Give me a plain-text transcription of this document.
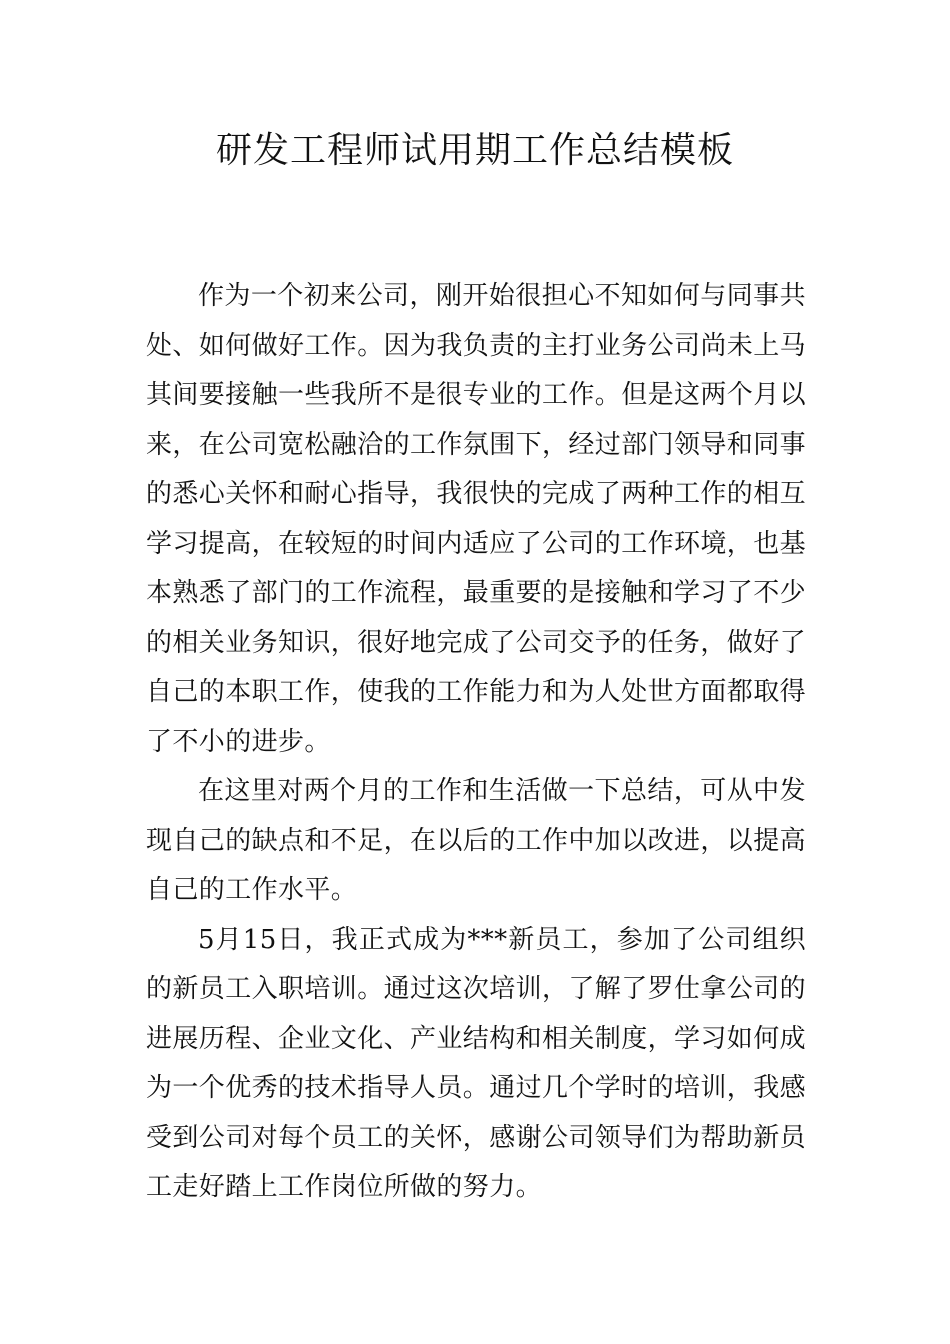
研发工程师试用期工作总结模板

作为一个初来公司，刚开始很担心不知如何与同事共处、如何做好工作。因为我负责的主打业务公司尚未上马其间要接触一些我所不是很专业的工作。但是这两个月以来，在公司宽松融洽的工作氛围下，经过部门领导和同事的悉心关怀和耐心指导，我很快的完成了两种工作的相互学习提高，在较短的时间内适应了公司的工作环境，也基本熟悉了部门的工作流程，最重要的是接触和学习了不少的相关业务知识，很好地完成了公司交予的任务，做好了自己的本职工作，使我的工作能力和为人处世方面都取得了不小的进步。

在这里对两个月的工作和生活做一下总结，可从中发现自己的缺点和不足，在以后的工作中加以改进，以提高自己的工作水平。

5月15日，我正式成为***新员工，参加了公司组织的新员工入职培训。通过这次培训，了解了罗仕拿公司的进展历程、企业文化、产业结构和相关制度，学习如何成为一个优秀的技术指导人员。通过几个学时的培训，我感受到公司对每个员工的关怀，感谢公司领导们为帮助新员工走好踏上工作岗位所做的努力。
